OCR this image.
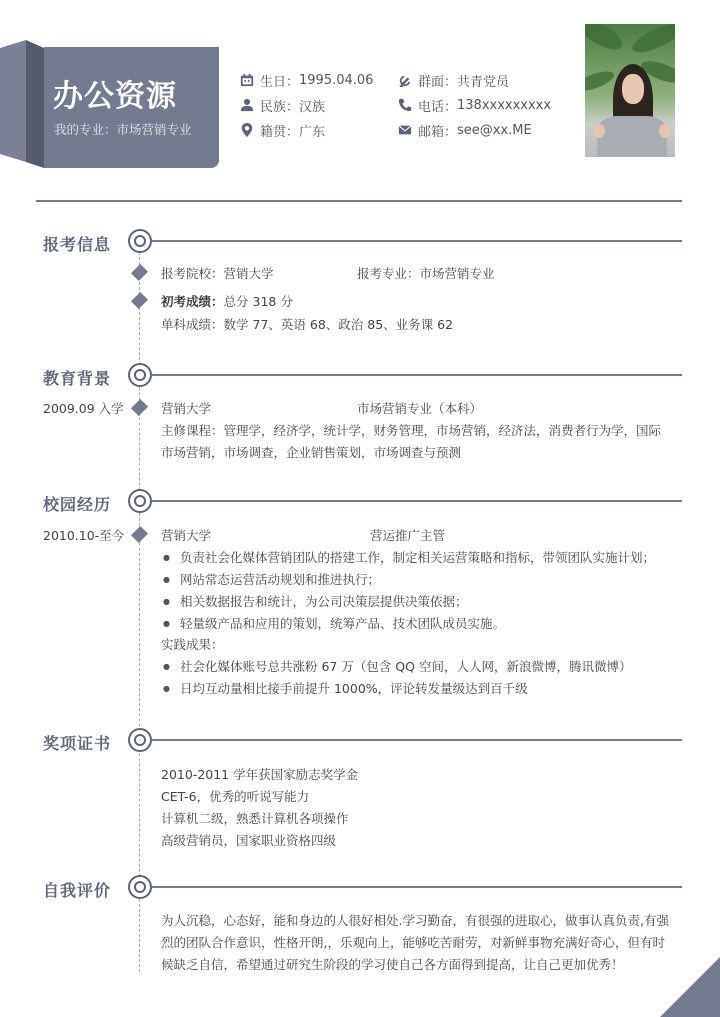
办公资源
我的专业：市场营销专业
生日： 1995.04.06	群面： 共青党员
民族： 汉族	电话： 138xxxxxxxxx
籍贯： 广东	邮箱： see@xx.ME
报考信息
报考院校：营销大学	报考专业：市场营销专业
初考成绩：总分 318 分
单科成绩：数学 77、英语 68、政治 85、业务课 62
教育背景
2009.09 入学	营销大学	市场营销专业（本科）
主修课程：管理学，经济学，统计学，财务管理，市场营销，经济法，消费者行为学，国际
市场营销，市场调查，企业销售策划，市场调查与预测
校园经历
2010.10-至今	营销大学	营运推广主管
● 负责社会化媒体营销团队的搭建工作，制定相关运营策略和指标，带领团队实施计划；
● 网站常态运营活动规划和推进执行；
● 相关数据报告和统计，为公司决策层提供决策依据；
● 轻量级产品和应用的策划，统筹产品、技术团队成员实施。
实践成果：
● 社会化媒体账号总共涨粉 67 万（包含 QQ 空间，人人网，新浪微博，腾讯微博）
● 日均互动量相比接手前提升 1000%，评论转发量级达到百千级
奖项证书
2010-2011 学年获国家励志奖学金
CET-6，优秀的听说写能力
计算机二级，熟悉计算机各项操作
高级营销员，国家职业资格四级
自我评价
为人沉稳，心态好，能和身边的人很好相处.学习勤奋，有很强的进取心，做事认真负责,有强
烈的团队合作意识，性格开朗,，乐观向上，能够吃苦耐劳，对新鲜事物充满好奇心，但有时
候缺乏自信，希望通过研究生阶段的学习使自己各方面得到提高，让自己更加优秀！
